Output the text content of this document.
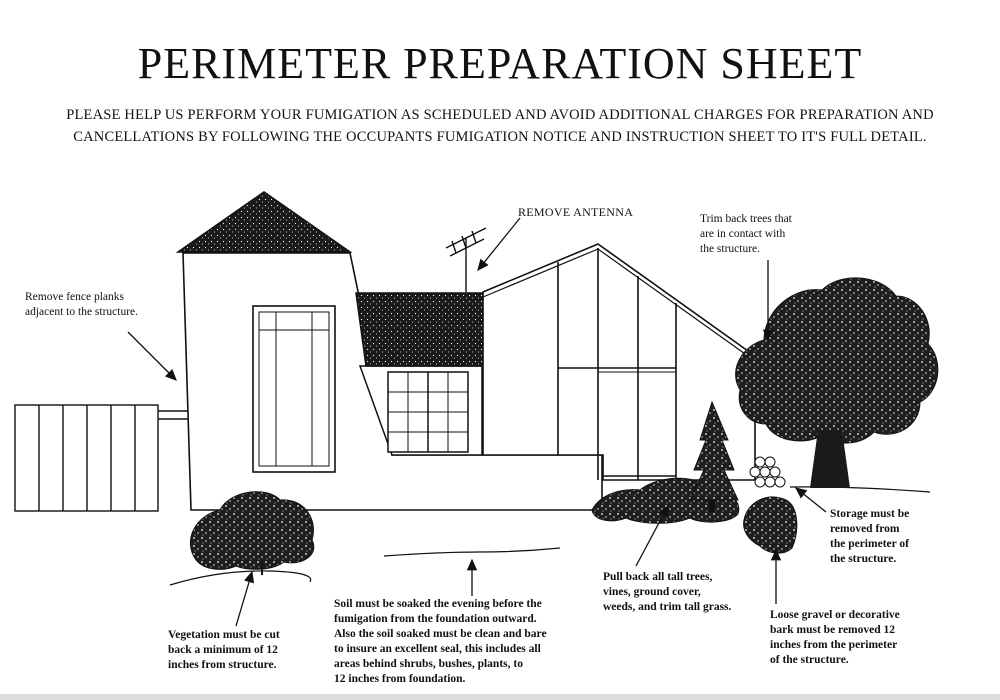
PERIMETER PREPARATION SHEET
PLEASE HELP US PERFORM YOUR FUMIGATION AS SCHEDULED AND AVOID ADDITIONAL CHARGES FOR PREPARATION AND
CANCELLATIONS BY FOLLOWING THE OCCUPANTS FUMIGATION NOTICE AND INSTRUCTION SHEET TO IT'S FULL DETAIL.
REMOVE ANTENNA	Trim back trees that
are in contact with
the structure.
Remove fence planks
adjacent to the structure.
Storage must be
removed from
the perimeter of
the structure.
Pull back all tall trees,
vines, ground cover,
weeds, and trim tall grass.
Loose gravel or decorative
bark must be removed 12
inches from the perimeter
of the structure.
Soil must be soaked the evening before the
fumigation from the foundation outward.
Also the soil soaked must be clean and bare
to insure an excellent seal, this includes all
areas behind shrubs, bushes, plants, to
12 inches from foundation.
Vegetation must be cut
back a minimum of 12
inches from structure.
